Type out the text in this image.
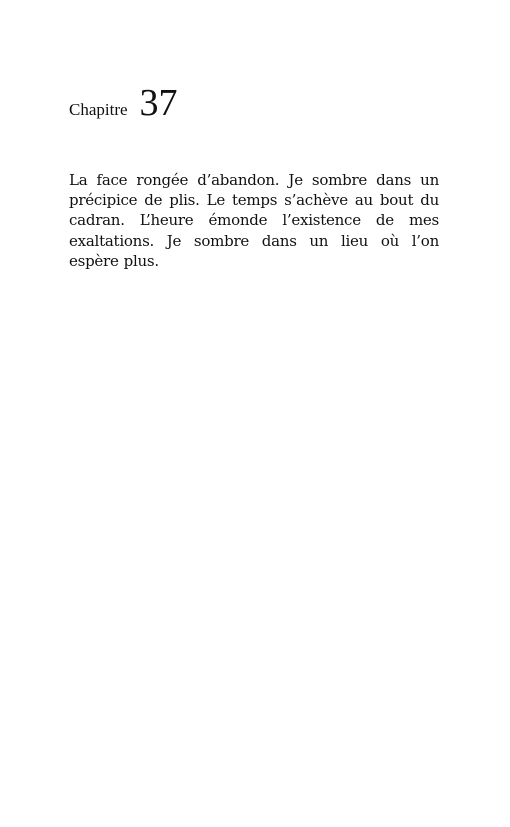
Chapitre 37

La face rongée d’abandon. Je sombre dans un précipice de plis. Le temps s’achève au bout du cadran. L’heure émonde l’existence de mes exaltations. Je sombre dans un lieu où l’on espère plus.
